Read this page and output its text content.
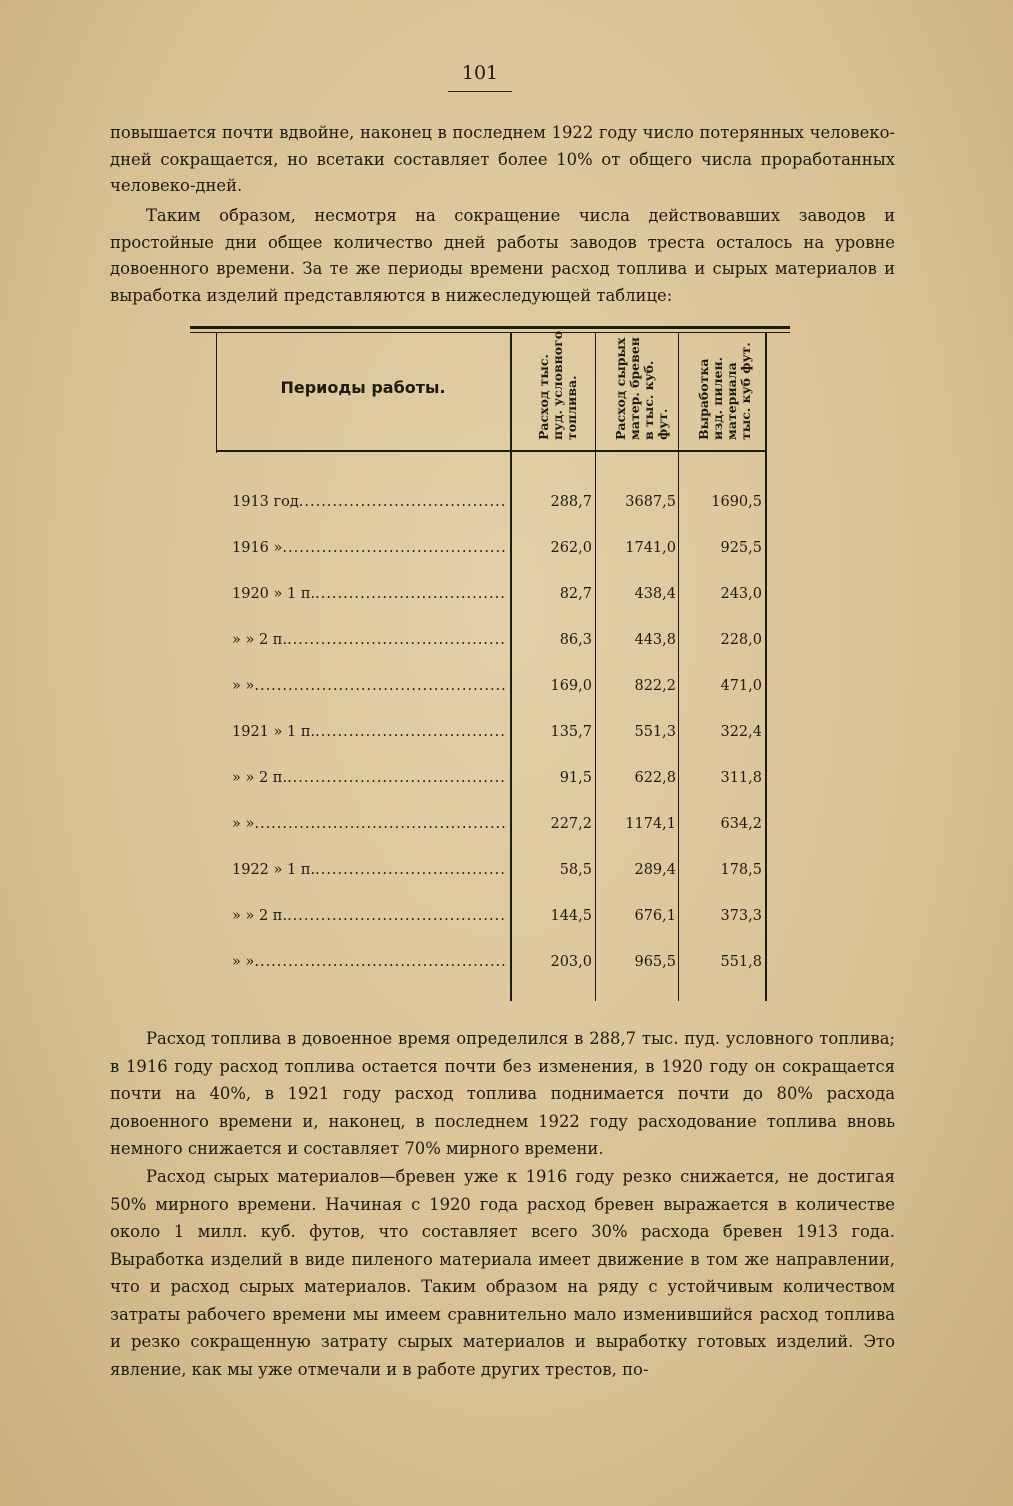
101

повышается почти вдвойне, наконец в последнем 1922 году число потерянных человеко-дней сокращается, но всетаки составляет более 10% от общего числа проработанных человеко-дней.

Таким образом, несмотря на сокращение числа действовавших заводов и простойные дни общее количество дней работы заводов треста осталось на уровне довоенного времени. За те же периоды времени расход топлива и сырых материалов и выработка изделий представляются в нижеследующей таблице:

Периоды работы.	Расход тыс. пуд. условного топлива.	Расход сырых матер. бревен в тыс. куб. фут.	Выработка изд. пилен. материала тыс. куб фут.
1913 год .....	288,7	3687,5	1690,5
1916 » .....	262,0	1741,0	925,5
1920 » 1 п. .....	82,7	438,4	243,0
» » 2 п. .....	86,3	443,8	228,0
» » .....	169,0	822,2	471,0
1921 » 1 п. .....	135,7	551,3	322,4
» » 2 п. .....	91,5	622,8	311,8
» » .....	227,2	1174,1	634,2
1922 » 1 п. .....	58,5	289,4	178,5
» » 2 п. .....	144,5	676,1	373,3
» » .....	203,0	965,5	551,8

Расход топлива в довоенное время определился в 288,7 тыс. пуд. условного топлива; в 1916 году расход топлива остается почти без изменения, в 1920 году он сокращается почти на 40%, в 1921 году расход топлива поднимается почти до 80% расхода довоенного времени и, наконец, в последнем 1922 году расходование топлива вновь немного снижается и составляет 70% мирного времени.

Расход сырых материалов—бревен уже к 1916 году резко снижается, не достигая 50% мирного времени. Начиная с 1920 года расход бревен выражается в количестве около 1 милл. куб. футов, что составляет всего 30% расхода бревен 1913 года. Выработка изделий в виде пиленого материала имеет движение в том же направлении, что и расход сырых материалов. Таким образом на ряду с устойчивым количеством затраты рабочего времени мы имеем сравнительно мало изменившийся расход топлива и резко сокращенную затрату сырых материалов и выработку готовых изделий. Это явление, как мы уже отмечали и в работе других трестов, по-
